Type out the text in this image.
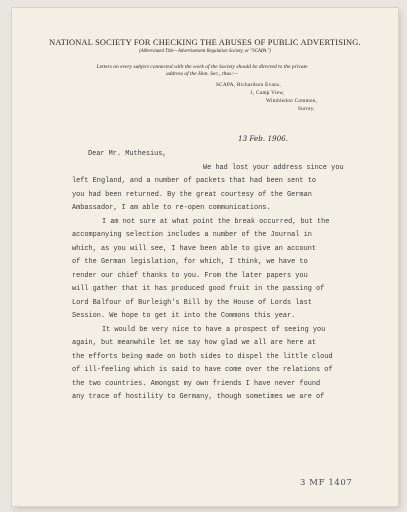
NATIONAL SOCIETY FOR CHECKING THE ABUSES OF PUBLIC ADVERTISING.
(Abbreviated Title—Advertisement Regulation Society, or "SCAPA.")
Letters on every subject connected with the work of the Society should be directed to the private
address of the Hon. Sec., thus:—
SCAPA, Richardson Evans,
1, Camp View,
Wimbledon Common,
Surrey.
13 Feb. 1906.
Dear Mr. Muthesius,
We had lost your address since you
left England, and a number of packets that had been sent to
you had been returned. By the great courtesy of the German
Ambassador, I am able to re-open communications.
I am not sure at what point the break occurred, but the
accompanying selection includes a number of the Journal in
which, as you will see, I have been able to give an account
of the German legislation, for which, I think, we have to
render our chief thanks to you. From the later papers you
will gather that it has produced good fruit in the passing of
Lord Balfour of Burleigh's Bill by the House of Lords last
Session. We hope to get it into the Commons this year.
It would be very nice to have a prospect of seeing you
again, but meanwhile let me say how glad we all are here at
the efforts being made on both sides to dispel the little cloud
of ill-feeling which is said to have come over the relations of
the two countries. Amongst my own friends I have never found
any trace of hostility to Germany, though sometimes we are of
3 MF 1407
